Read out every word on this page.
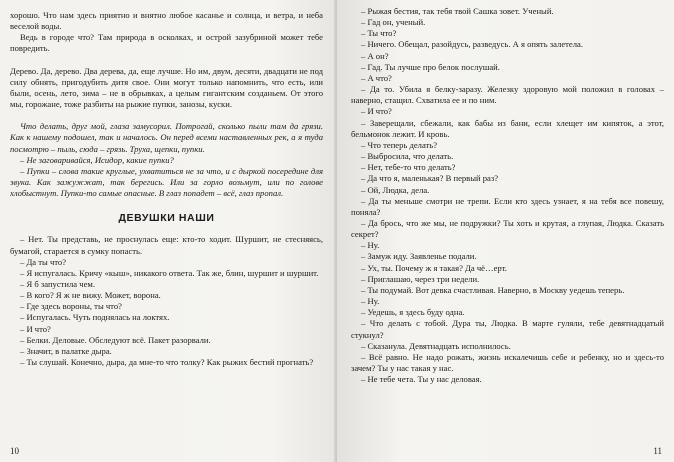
хорошо. Что нам здесь приятно и внятно любое касанье и солнца, и ветра, и неба веселой воды.

Ведь в городе что? Там природа в осколках, и острой зазубриной может тебе повредить.

Дерево. Да, дерево. Два дерева, да, еще лучше. Но им, двум, десяти, двадцати не под силу обнять, пригодубить дитя свое. Они могут только напомнить, что есть, или были, осень, лето, зима – не в обрывках, а целым гигантским созданьем. От этого мы, горожане, тоже разбиты на рыжие пупки, занозы, куски.

Что делать, друг мой, глаза замусорил. Потрогай, сколько пыли там да грязи. Как к нашему подошел, так и началось. Он перед всеми наставленных рек, а я туда посмотрю – пыль, сюда – грязь. Труха, щепки, пупки.

– Не заговаривайся, Исидор, какие пупки?

– Пупки – слова такие круглые, ухватиться не за что, и с дыркой посередине для звука. Как зажужжат, так берегись. Или за горло возьмут, или по голове хлобыстнут. Пупки-то самые опасные. В глаз попадет – всё, глаз пропал.

ДЕВУШКИ НАШИ

– Нет. Ты представь, не проснулась еще: кто-то ходит. Шуршит, не стесняясь, бумагой, старается в сумку попасть.

– Да ты что?

– Я испугалась. Кричу «кыш», никакого ответа. Так же, блин, шуршит и шуршит.

– Я б запустила чем.

– В кого? Я ж не вижу. Может, ворона.

– Где здесь вороны, ты что?

– Испугалась. Чуть поднялась на локтях.

– И что?

– Белки. Деловые. Обследуют всё. Пакет разорвали.

– Значит, в палатке дыра.

– Ты слушай. Конечно, дыра, да мне-то что толку? Как рыжих бестий прогнать?

10

– Рыжая бестия, так тебя твой Сашка зовет. Ученый.

– Гад он, ученый.

– Ты что?

– Ничего. Обещал, разойдусь, разведусь. А я опять залетела.

– А он?

– Гад. Ты лучше про белок послушай.

– А что?

– Да то. Убила я белку-заразу. Железку здоровую мой положил в головах – наверно, стащил. Схватила ее и по ним.

– И что?

– Заверещали, сбежали, как бабы из бани, если хлещет им кипяток, а этот, бельмонок лежит. И кровь.

– Что теперь делать?

– Выбросила, что делать.

– Нет, тебе-то что делать?

– Да что я, маленькая? В первый раз?

– Ой, Людка, дела.

– Да ты меньше смотри не трепи. Если кто здесь узнает, я на тебя все повешу, поняла?

– Да брось, что же мы, не подружки? Ты хоть и крутая, а глупая, Людка. Сказать секрет?

– Ну.

– Замуж иду. Заявленье подали.

– Ух, ты. Почему ж я такая? Да чё…ерт.

– Приглашаю, через три недели.

– Ты подумай. Вот девка счастливая. Наверно, в Москву уедешь теперь.

– Ну.

– Уедешь, я здесь буду одна.

– Что делать с тобой. Дура ты, Людка. В марте гуляли, тебе девятнадцатый стукнул?

– Сказанула. Девятнадцать исполнилось.

– Всё равно. Не надо рожать, жизнь искалечишь себе и ребенку, но и здесь-то зачем? Ты у нас такая у нас.

– Не тебе чета. Ты у нас деловая.

11
